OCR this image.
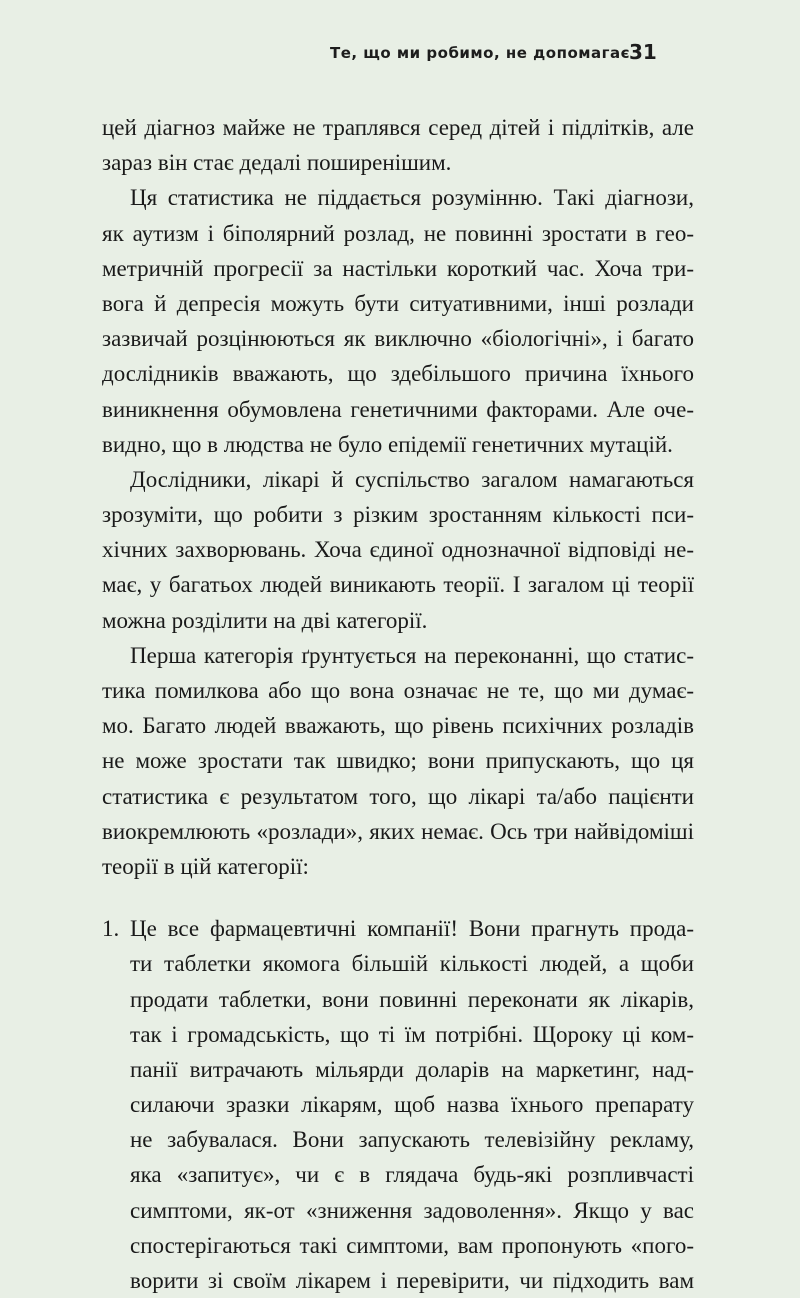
Те, що ми робимо, не допомагає 31
цей діагноз майже не траплявся серед дітей і підлітків, але
зараз він стає дедалі поширенішим.
Ця статистика не піддається розумінню. Такі діагнози,
як аутизм і біполярний розлад, не повинні зростати в гео-
метричній прогресії за настільки короткий час. Хоча три-
вога й депресія можуть бути ситуативними, інші розлади
зазвичай розцінюються як виключно «біологічні», і багато
дослідників вважають, що здебільшого причина їхнього
виникнення обумовлена генетичними факторами. Але оче-
видно, що в людства не було епідемії генетичних мутацій.
Дослідники, лікарі й суспільство загалом намагаються
зрозуміти, що робити з різким зростанням кількості пси-
хічних захворювань. Хоча єдиної однозначної відповіді не-
має, у багатьох людей виникають теорії. І загалом ці теорії
можна розділити на дві категорії.
Перша категорія ґрунтується на переконанні, що статис-
тика помилкова або що вона означає не те, що ми думає-
мо. Багато людей вважають, що рівень психічних розладів
не може зростати так швидко; вони припускають, що ця
статистика є результатом того, що лікарі та/або пацієнти
виокремлюють «розлади», яких немає. Ось три найвідоміші
теорії в цій категорії:
1. Це все фармацевтичні компанії! Вони прагнуть прода-
ти таблетки якомога більшій кількості людей, а щоби
продати таблетки, вони повинні переконати як лікарів,
так і громадськість, що ті їм потрібні. Щороку ці ком-
панії витрачають мільярди доларів на маркетинг, над-
силаючи зразки лікарям, щоб назва їхнього препарату
не забувалася. Вони запускають телевізійну рекламу,
яка «запитує», чи є в глядача будь-які розпливчасті
симптоми, як-от «зниження задоволення». Якщо у вас
спостерігаються такі симптоми, вам пропонують «пого-
ворити зі своїм лікарем і перевірити, чи підходить вам
